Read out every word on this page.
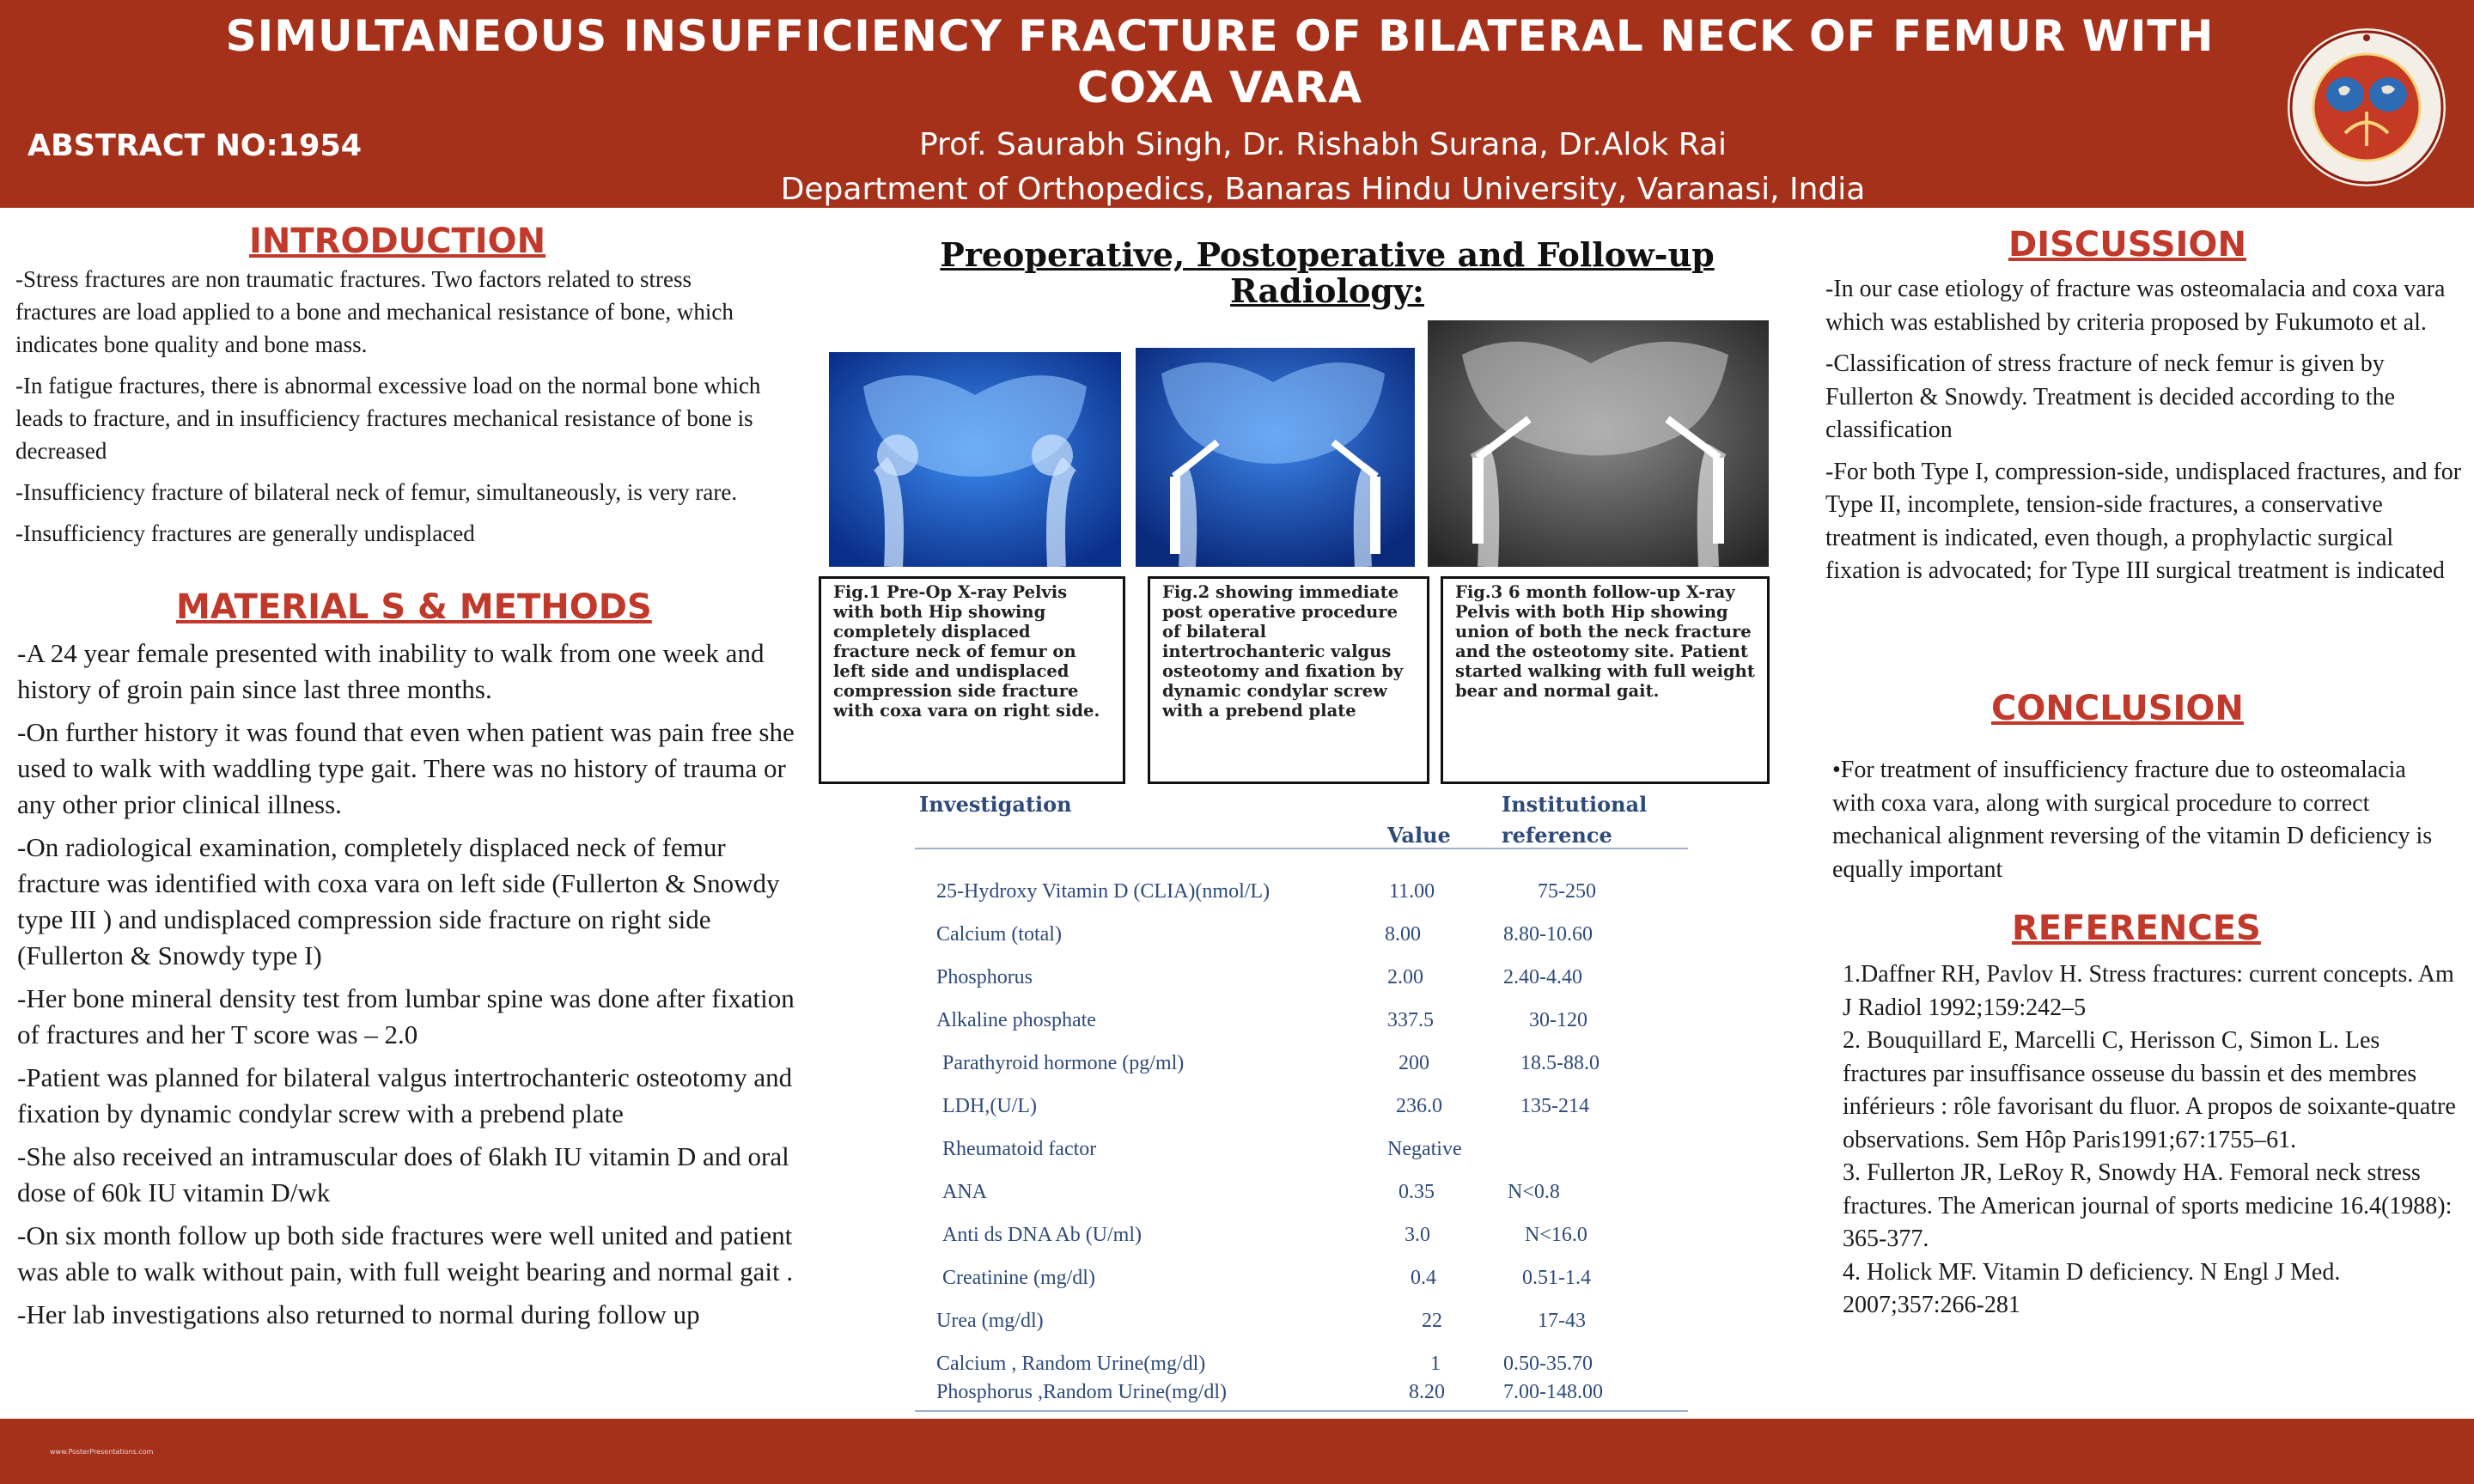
SIMULTANEOUS INSUFFICIENCY FRACTURE OF BILATERAL NECK OF FEMUR WITH COXA VARA
ABSTRACT NO:1954	Prof. Saurabh Singh, Dr. Rishabh Surana, Dr.Alok Rai
Department of Orthopedics, Banaras Hindu University, Varanasi, India
INTRODUCTION

-Stress fractures are non traumatic fractures. Two factors related to stress fractures are load applied to a bone and mechanical resistance of bone, which indicates bone quality and bone mass.

-In fatigue fractures, there is abnormal excessive load on the normal bone which leads to fracture, and in insufficiency fractures mechanical resistance of bone is decreased

-Insufficiency fracture of bilateral neck of femur, simultaneously, is very rare.

-Insufficiency fractures are generally undisplaced

MATERIAL S & METHODS

-A 24 year female presented with inability to walk from one week and history of groin pain since last three months.

-On further history it was found that even when patient was pain free she used to walk with waddling type gait. There was no history of trauma or any other prior clinical illness.

-On radiological examination, completely displaced neck of femur fracture was identified with coxa vara on left side (Fullerton & Snowdy type III ) and undisplaced compression side fracture on right side (Fullerton & Snowdy type I)

-Her bone mineral density test from lumbar spine was done after fixation of fractures and her T score was – 2.0

-Patient was planned for bilateral valgus intertrochanteric osteotomy and fixation by dynamic condylar screw with a prebend plate

-She also received an intramuscular does of 6lakh IU vitamin D and oral dose of 60k IU vitamin D/wk

-On six month follow up both side fractures were well united and patient was able to walk without pain, with full weight bearing and normal gait .

-Her lab investigations also returned to normal during follow up

Preoperative, Postoperative and Follow-up Radiology:
Fig.1 Pre-Op X-ray Pelvis with both Hip showing completely displaced fracture neck of femur on left side and undisplaced compression side fracture with coxa vara on right side.
Fig.2 showing immediate post operative procedure of bilateral intertrochanteric valgus osteotomy and fixation by dynamic condylar screw with a prebend plate
Fig.3 6 month follow-up X-ray Pelvis with both Hip showing union of both the neck fracture and the osteotomy site. Patient started walking with full weight bear and normal gait.
Investigation
Value
Institutional
reference
25-Hydroxy Vitamin D (CLIA)(nmol/L)	11.00	75-250
Calcium (total)	8.00	8.80-10.60
Phosphorus	2.00	2.40-4.40
Alkaline phosphate	337.5	30-120
Parathyroid hormone (pg/ml)	200	18.5-88.0
LDH,(U/L)	236.0	135-214
Rheumatoid factor	Negative
ANA	0.35	N<0.8
Anti ds DNA Ab (U/ml)	3.0	N<16.0
Creatinine (mg/dl)	0.4	0.51-1.4
Urea (mg/dl)	22	17-43
Calcium , Random Urine(mg/dl)	1	0.50-35.70
Phosphorus ,Random Urine(mg/dl)	8.20	7.00-148.00
DISCUSSION

-In our case etiology of fracture was osteomalacia and coxa vara which was established by criteria proposed by Fukumoto et al.

-Classification of stress fracture of neck femur is given by Fullerton & Snowdy. Treatment is decided according to the classification

-For both Type I, compression-side, undisplaced fractures, and for Type II, incomplete, tension-side fractures, a conservative treatment is indicated, even though, a prophylactic surgical fixation is advocated; for Type III surgical treatment is indicated

CONCLUSION
•For treatment of insufficiency fracture due to osteomalacia with coxa vara, along with surgical procedure to correct mechanical alignment reversing of the vitamin D deficiency is equally important
REFERENCES

1.Daffner RH, Pavlov H. Stress fractures: current concepts. Am J Radiol 1992;159:242–5

2. Bouquillard E, Marcelli C, Herisson C, Simon L. Les fractures par insuffisance osseuse du bassin et des membres inférieurs : rôle favorisant du fluor. A propos de soixante-quatre observations. Sem Hôp Paris1991;67:1755–61.

3. Fullerton JR, LeRoy R, Snowdy HA. Femoral neck stress fractures. The American journal of sports medicine 16.4(1988): 365-377.

4. Holick MF. Vitamin D deficiency. N Engl J Med. 2007;357:266-281

www.PosterPresentations.com
